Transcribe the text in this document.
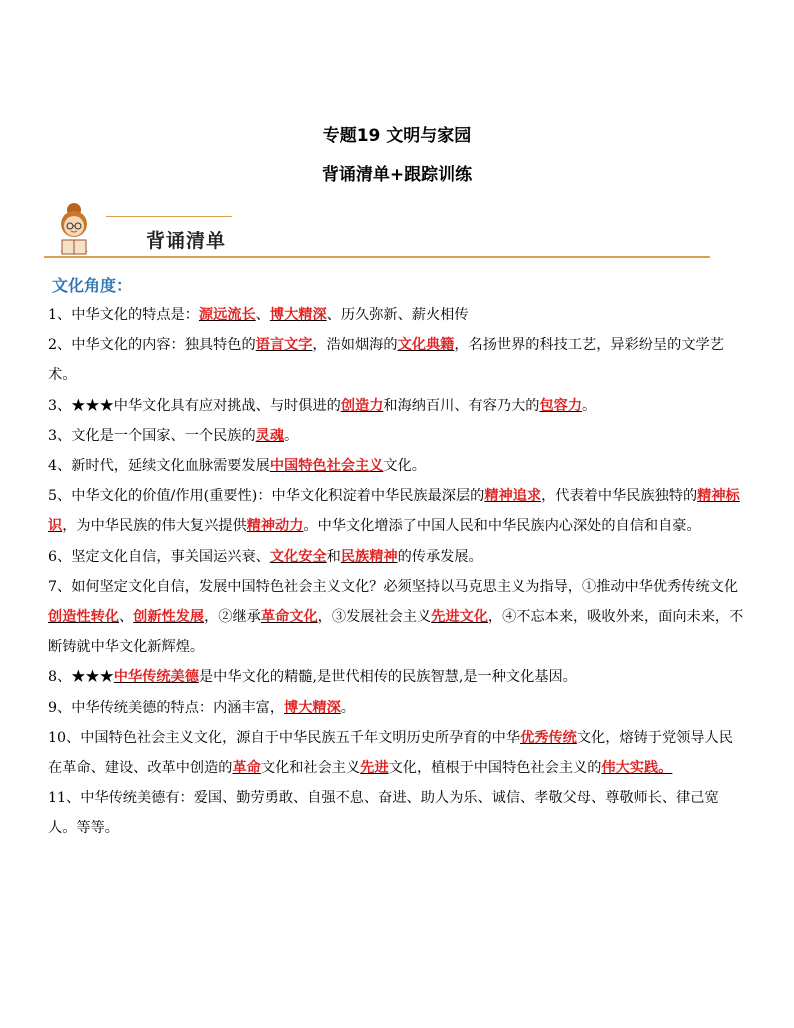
专题19 文明与家园
背诵清单+跟踪训练
背诵清单
文化角度：

1、中华文化的特点是：源远流长、博大精深、历久弥新、薪火相传

2、中华文化的内容：独具特色的语言文字，浩如烟海的文化典籍，名扬世界的科技工艺，异彩纷呈的文学艺术。

3、★★★中华文化具有应对挑战、与时俱进的创造力和海纳百川、有容乃大的包容力。

3、文化是一个国家、一个民族的灵魂。

4、新时代，延续文化血脉需要发展中国特色社会主义文化。

5、中华文化的价值/作用(重要性)：中华文化积淀着中华民族最深层的精神追求，代表着中华民族独特的精神标识，为中华民族的伟大复兴提供精神动力。中华文化增添了中国人民和中华民族内心深处的自信和自豪。

6、坚定文化自信，事关国运兴衰、文化安全和民族精神的传承发展。

7、如何坚定文化自信，发展中国特色社会主义文化？必须坚持以马克思主义为指导，①推动中华优秀传统文化创造性转化、创新性发展，②继承革命文化，③发展社会主义先进文化，④不忘本来，吸收外来，面向未来，不断铸就中华文化新辉煌。

8、★★★中华传统美德是中华文化的精髓,是世代相传的民族智慧,是一种文化基因。

9、中华传统美德的特点：内涵丰富，博大精深。

10、中国特色社会主义文化，源自于中华民族五千年文明历史所孕育的中华优秀传统文化，熔铸于党领导人民在革命、建设、改革中创造的革命文化和社会主义先进文化，植根于中国特色社会主义的伟大实践。

11、中华传统美德有：爱国、勤劳勇敢、自强不息、奋进、助人为乐、诚信、孝敬父母、尊敬师长、律己宽人。等等。
